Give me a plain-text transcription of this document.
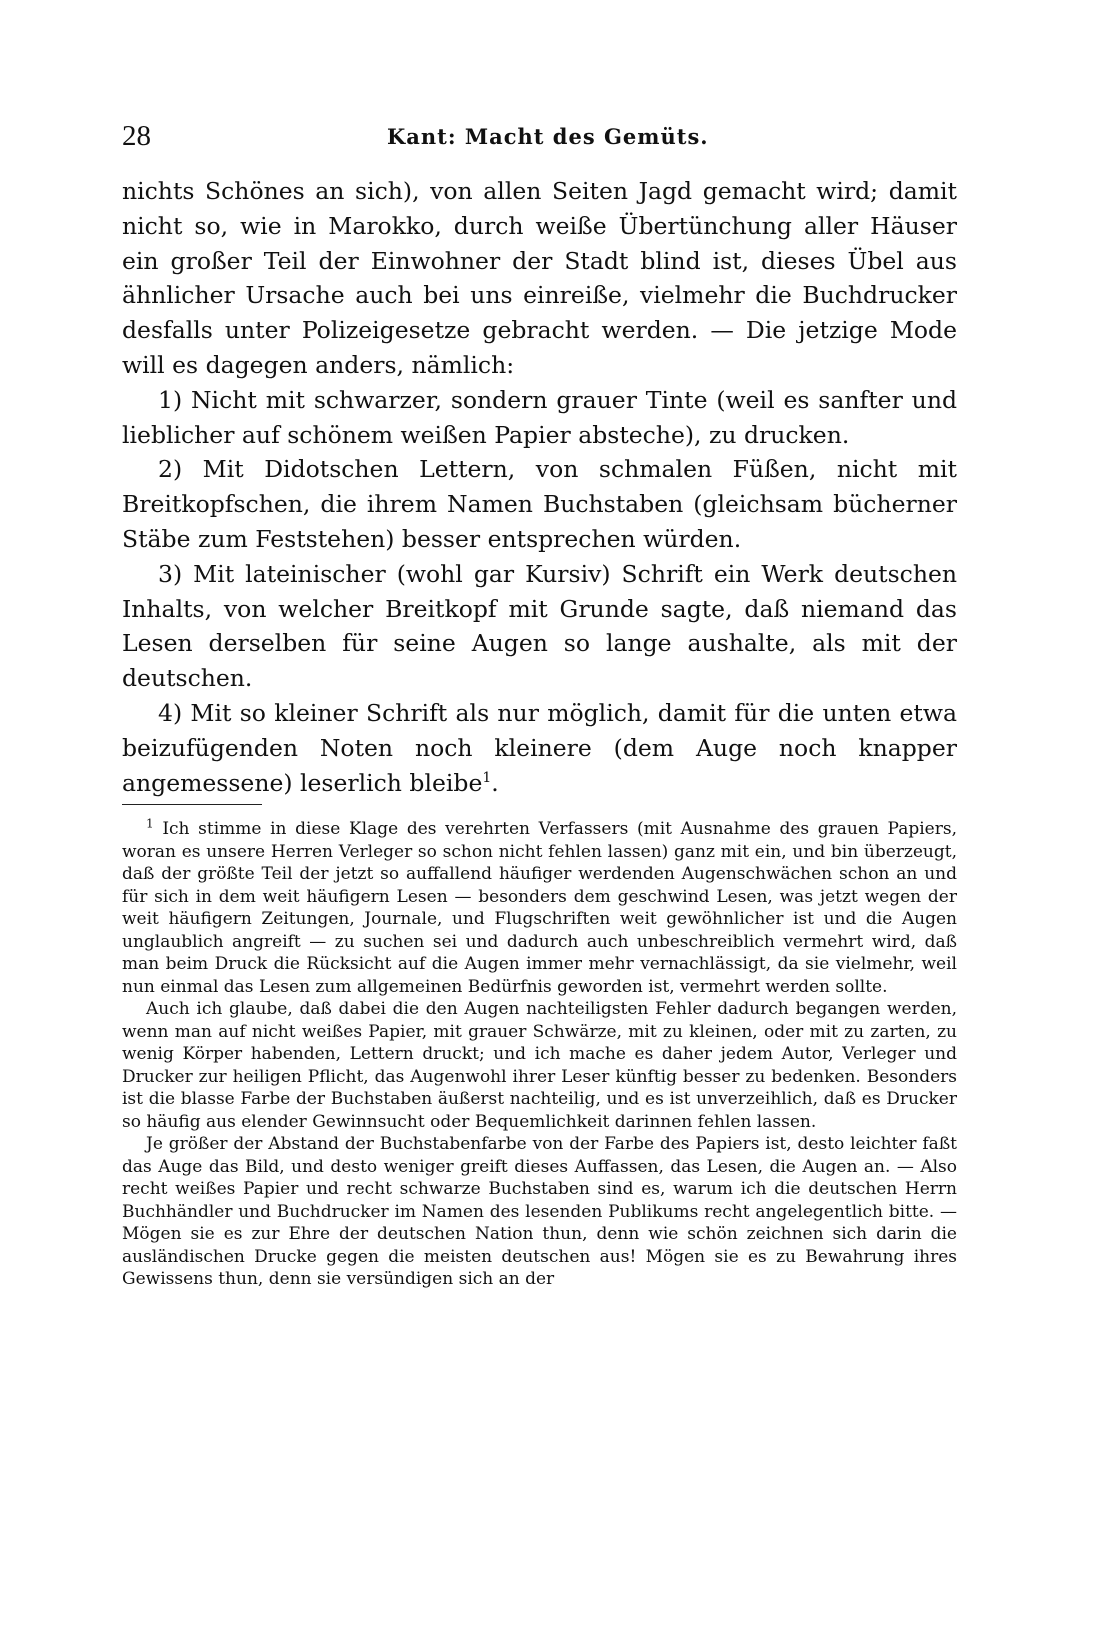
28	Kant: Macht des Gemüts.

nichts Schönes an sich), von allen Seiten Jagd gemacht wird; damit nicht so, wie in Marokko, durch weiße Übertünchung aller Häuser ein großer Teil der Einwohner der Stadt blind ist, dieses Übel aus ähnlicher Ursache auch bei uns einreiße, vielmehr die Buchdrucker desfalls unter Polizeigesetze gebracht werden. — Die jetzige Mode will es dagegen anders, nämlich:

1) Nicht mit schwarzer, sondern grauer Tinte (weil es sanfter und lieblicher auf schönem weißen Papier absteche), zu drucken.

2) Mit Didotschen Lettern, von schmalen Füßen, nicht mit Breitkopfschen, die ihrem Namen Buchstaben (gleichsam bücherner Stäbe zum Feststehen) besser entsprechen würden.

3) Mit lateinischer (wohl gar Kursiv) Schrift ein Werk deutschen Inhalts, von welcher Breitkopf mit Grunde sagte, daß niemand das Lesen derselben für seine Augen so lange aushalte, als mit der deutschen.

4) Mit so kleiner Schrift als nur möglich, damit für die unten etwa beizufügenden Noten noch kleinere (dem Auge noch knapper angemessene) leserlich bleibe$^1$.

$^1$ Ich stimme in diese Klage des verehrten Verfassers (mit Ausnahme des grauen Papiers, woran es unsere Herren Verleger so schon nicht fehlen lassen) ganz mit ein, und bin überzeugt, daß der größte Teil der jetzt so auffallend häufiger werdenden Augenschwächen schon an und für sich in dem weit häufigern Lesen — besonders dem geschwind Lesen, was jetzt wegen der weit häufigern Zeitungen, Journale, und Flugschriften weit gewöhnlicher ist und die Augen unglaublich angreift — zu suchen sei und dadurch auch unbeschreiblich vermehrt wird, daß man beim Druck die Rücksicht auf die Augen immer mehr vernachlässigt, da sie vielmehr, weil nun einmal das Lesen zum allgemeinen Bedürfnis geworden ist, vermehrt werden sollte.

Auch ich glaube, daß dabei die den Augen nachteiligsten Fehler dadurch begangen werden, wenn man auf nicht weißes Papier, mit grauer Schwärze, mit zu kleinen, oder mit zu zarten, zu wenig Körper habenden, Lettern druckt; und ich mache es daher jedem Autor, Verleger und Drucker zur heiligen Pflicht, das Augenwohl ihrer Leser künftig besser zu bedenken. Besonders ist die blasse Farbe der Buchstaben äußerst nachteilig, und es ist unverzeihlich, daß es Drucker so häufig aus elender Gewinnsucht oder Bequemlichkeit darinnen fehlen lassen.

Je größer der Abstand der Buchstabenfarbe von der Farbe des Papiers ist, desto leichter faßt das Auge das Bild, und desto weniger greift dieses Auffassen, das Lesen, die Augen an. — Also recht weißes Papier und recht schwarze Buchstaben sind es, warum ich die deutschen Herrn Buchhändler und Buchdrucker im Namen des lesenden Publikums recht angelegentlich bitte. — Mögen sie es zur Ehre der deutschen Nation thun, denn wie schön zeichnen sich darin die ausländischen Drucke gegen die meisten deutschen aus! Mögen sie es zu Bewahrung ihres Gewissens thun, denn sie versündigen sich an der
